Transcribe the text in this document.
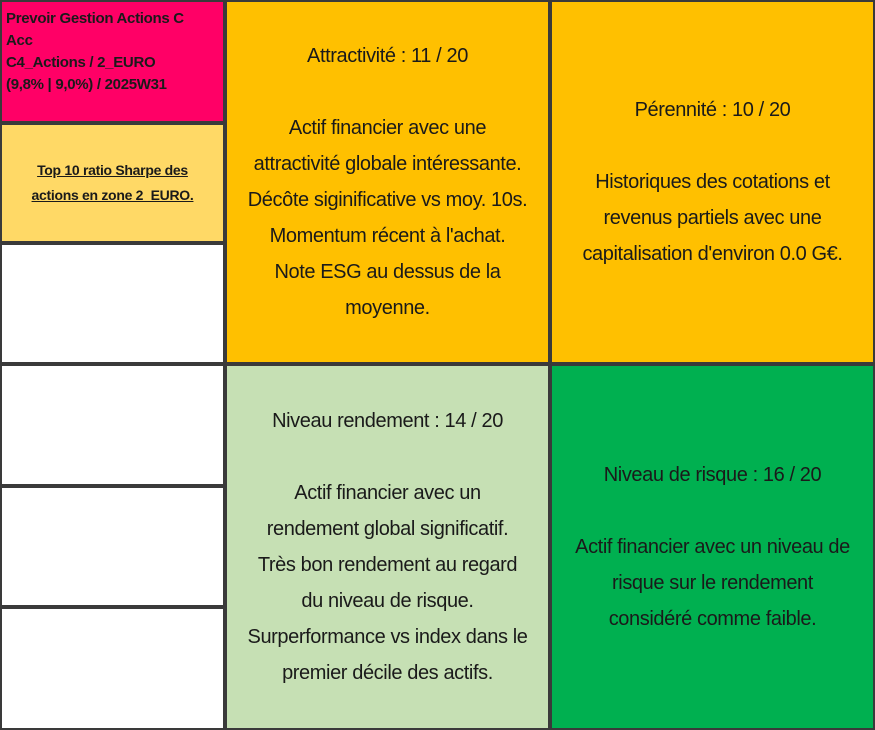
Prevoir Gestion Actions C
Acc
C4_Actions / 2_EURO
(9,8% | 9,0%) / 2025W31
Top 10 ratio Sharpe des
actions en zone 2_EURO.
Attractivité : 11 / 20
Actif financier avec une
attractivité globale intéressante.
Décôte siginificative vs moy. 10s.
Momentum récent à l'achat.
Note ESG au dessus de la
moyenne.
Pérennité : 10 / 20
Historiques des cotations et
revenus partiels avec une
capitalisation d'environ 0.0 G€.
Niveau rendement : 14 / 20
Actif financier avec un
rendement global significatif.
Très bon rendement au regard
du niveau de risque.
Surperformance vs index dans le
premier décile des actifs.
Niveau de risque : 16 / 20
Actif financier avec un niveau de
risque sur le rendement
considéré comme faible.
